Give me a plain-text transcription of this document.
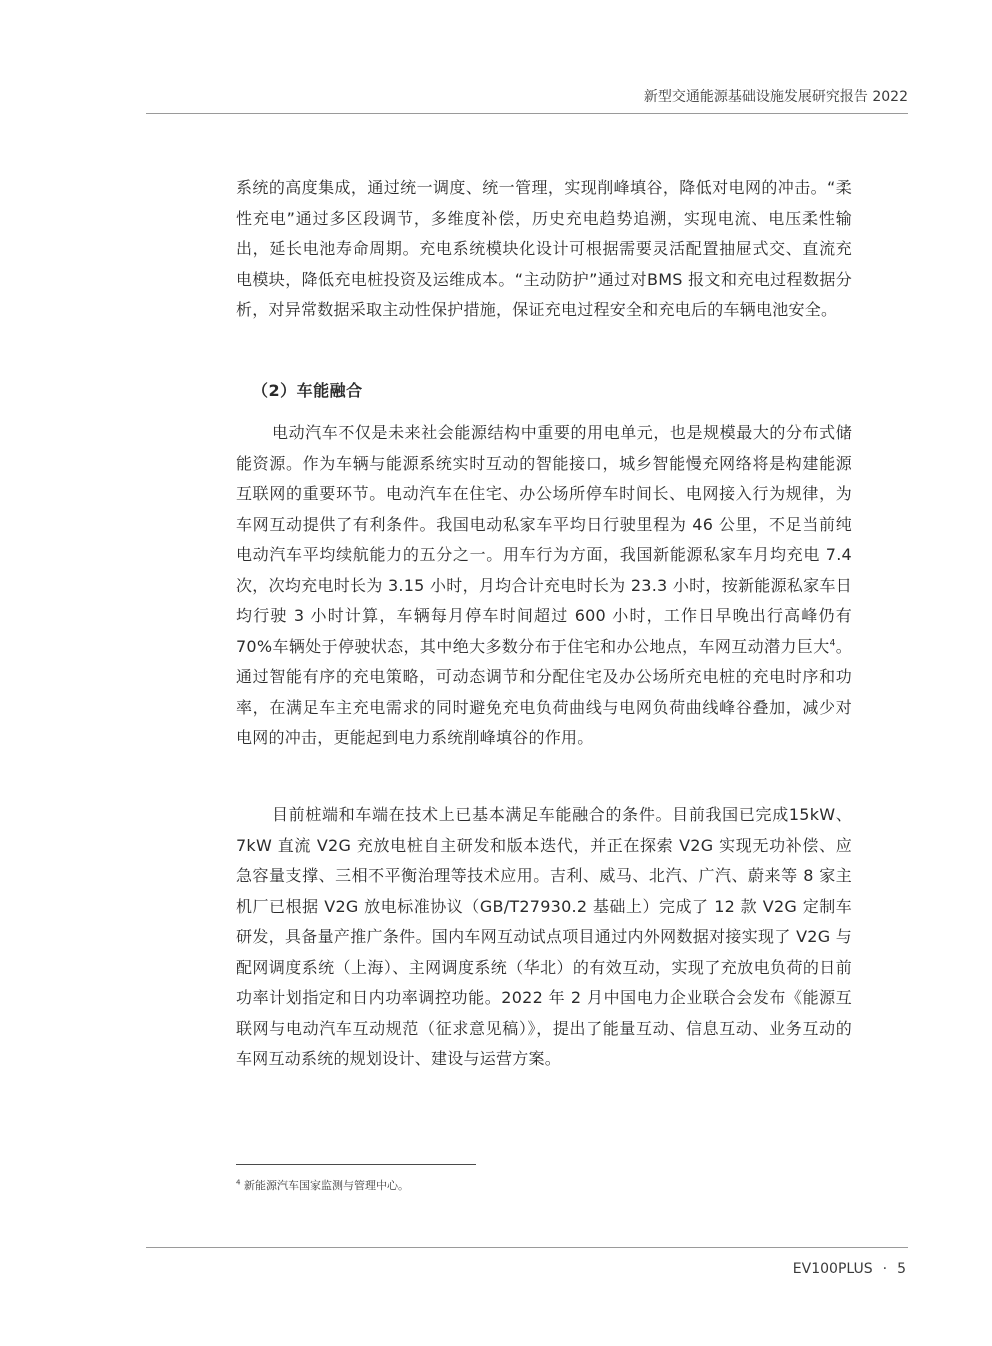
新型交通能源基础设施发展研究报告 2022

系统的高度集成，通过统一调度、统一管理，实现削峰填谷，降低对电网的冲击。“柔性充电”通过多区段调节，多维度补偿，历史充电趋势追溯，实现电流、电压柔性输出，延长电池寿命周期。充电系统模块化设计可根据需要灵活配置抽屉式交、直流充电模块，降低充电桩投资及运维成本。“主动防护”通过对BMS 报文和充电过程数据分析，对异常数据采取主动性保护措施，保证充电过程安全和充电后的车辆电池安全。

（2）车能融合

电动汽车不仅是未来社会能源结构中重要的用电单元，也是规模最大的分布式储能资源。作为车辆与能源系统实时互动的智能接口，城乡智能慢充网络将是构建能源互联网的重要环节。电动汽车在住宅、办公场所停车时间长、电网接入行为规律，为车网互动提供了有利条件。我国电动私家车平均日行驶里程为 46 公里，不足当前纯电动汽车平均续航能力的五分之一。用车行为方面，我国新能源私家车月均充电 7.4 次，次均充电时长为 3.15 小时，月均合计充电时长为 23.3 小时，按新能源私家车日均行驶 3 小时计算，车辆每月停车时间超过 600 小时，工作日早晚出行高峰仍有 70%车辆处于停驶状态，其中绝大多数分布于住宅和办公地点，车网互动潜力巨大$^4$。通过智能有序的充电策略，可动态调节和分配住宅及办公场所充电桩的充电时序和功率，在满足车主充电需求的同时避免充电负荷曲线与电网负荷曲线峰谷叠加，减少对电网的冲击，更能起到电力系统削峰填谷的作用。

目前桩端和车端在技术上已基本满足车能融合的条件。目前我国已完成15kW、7kW 直流 V2G 充放电桩自主研发和版本迭代，并正在探索 V2G 实现无功补偿、应急容量支撑、三相不平衡治理等技术应用。吉利、威马、北汽、广汽、蔚来等 8 家主机厂已根据 V2G 放电标准协议（GB/T27930.2 基础上）完成了 12 款 V2G 定制车研发，具备量产推广条件。国内车网互动试点项目通过内外网数据对接实现了 V2G 与配网调度系统（上海）、主网调度系统（华北）的有效互动，实现了充放电负荷的日前功率计划指定和日内功率调控功能。2022 年 2 月中国电力企业联合会发布《能源互联网与电动汽车互动规范（征求意见稿）》，提出了能量互动、信息互动、业务互动的车网互动系统的规划设计、建设与运营方案。

$^4$ 新能源汽车国家监测与管理中心。

EV100PLUS · 5
